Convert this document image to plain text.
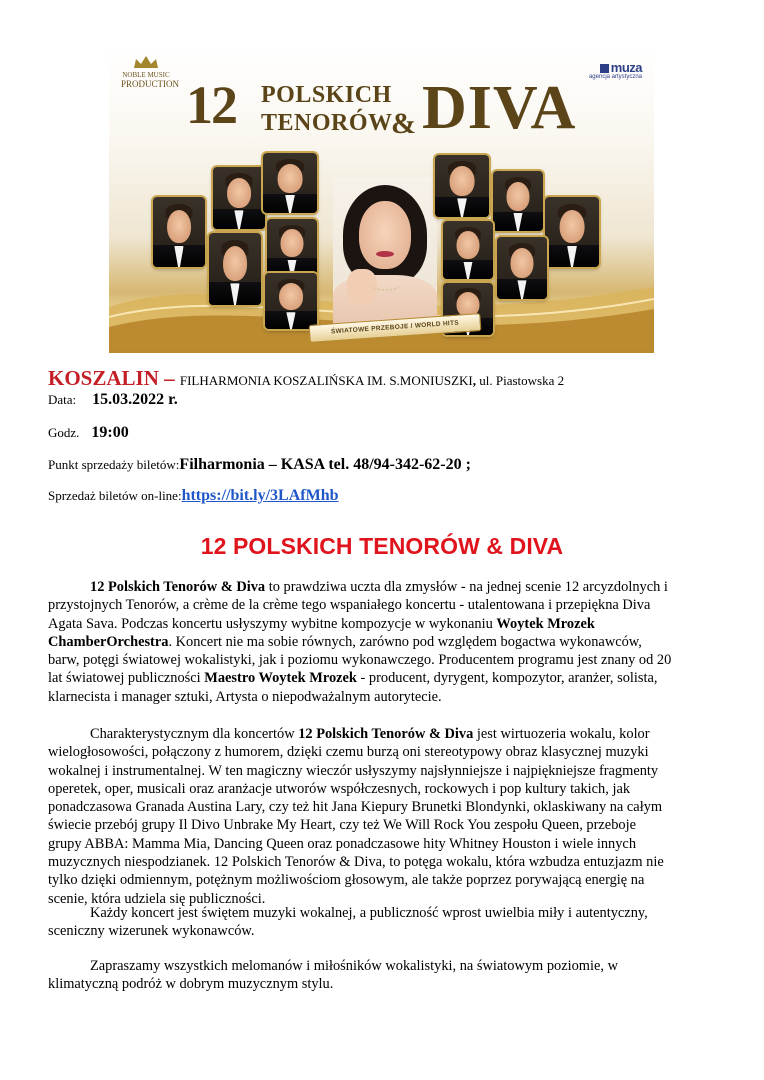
NOBLE MUSIC
PRODUCTION
muza
agencja artystyczna
12 POLSKICH
TENORÓW
& DIVA
ŚWIATOWE PRZEBOJE / WORLD HITS
KOSZALIN – FILHARMONIA KOSZALIŃSKA IM. S.MONIUSZKI, ul. Piastowska 2
Data: 15.03.2022 r.
Godz. 19:00
Punkt sprzedaży biletów:Filharmonia – KASA tel. 48/94-342-62-20 ;
Sprzedaż biletów on-line:https://bit.ly/3LAfMhb
12 POLSKICH TENORÓW & DIVA
12 Polskich Tenorów & Diva to prawdziwa uczta dla zmysłów - na jednej scenie 12 arcyzdolnych i
przystojnych Tenorów, a crème de la crème tego wspaniałego koncertu - utalentowana i przepiękna Diva
Agata Sava. Podczas koncertu usłyszymy wybitne kompozycje w wykonaniu Woytek Mrozek
ChamberOrchestra. Koncert nie ma sobie równych, zarówno pod względem bogactwa wykonawców,
barw, potęgi światowej wokalistyki, jak i poziomu wykonawczego. Producentem programu jest znany od 20
lat światowej publiczności Maestro Woytek Mrozek - producent, dyrygent, kompozytor, aranżer, solista,
klarnecista i manager sztuki, Artysta o niepodważalnym autorytecie.
Charakterystycznym dla koncertów 12 Polskich Tenorów & Diva jest wirtuozeria wokalu, kolor
wielogłosowości, połączony z humorem, dzięki czemu burzą oni stereotypowy obraz klasycznej muzyki
wokalnej i instrumentalnej. W ten magiczny wieczór usłyszymy najsłynniejsze i najpiękniejsze fragmenty
operetek, oper, musicali oraz aranżacje utworów współczesnych, rockowych i pop kultury takich, jak
ponadczasowa Granada Austina Lary, czy też hit Jana Kiepury Brunetki Blondynki, oklaskiwany na całym
świecie przebój grupy Il Divo Unbrake My Heart, czy też We Will Rock You zespołu Queen, przeboje
grupy ABBA: Mamma Mia, Dancing Queen oraz ponadczasowe hity Whitney Houston i wiele innych
muzycznych niespodzianek. 12 Polskich Tenorów & Diva, to potęga wokalu, która wzbudza entuzjazm nie
tylko dzięki odmiennym, potężnym możliwościom głosowym, ale także poprzez porywającą energię na
scenie, która udziela się publiczności.
Każdy koncert jest świętem muzyki wokalnej, a publiczność wprost uwielbia miły i autentyczny,
sceniczny wizerunek wykonawców.
Zapraszamy wszystkich melomanów i miłośników wokalistyki, na światowym poziomie, w
klimatyczną podróż w dobrym muzycznym stylu.
